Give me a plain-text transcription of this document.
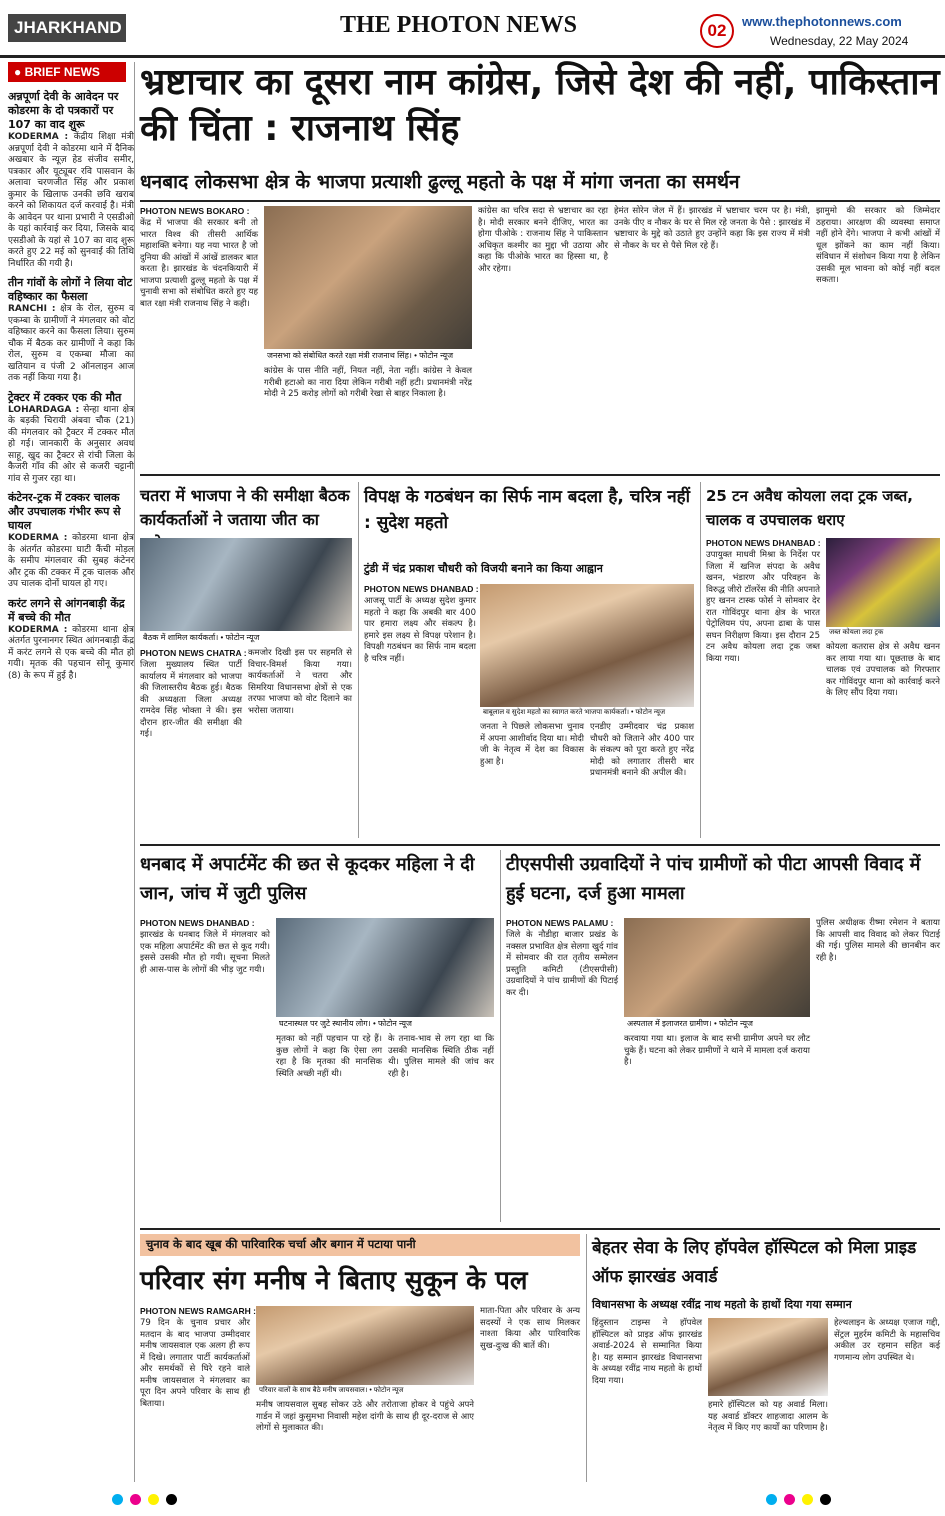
JHARKHAND	THE PHOTON NEWS	02	www.thephotonnews.com
Wednesday, 22 May 2024
● BRIEF NEWS
अन्नपूर्णा देवी के आवेदन पर कोडरमा के दो पत्रकारों पर 107 का वाद शुरू
KODERMA : केंद्रीय शिक्षा मंत्री अन्नपूर्णा देवी ने कोडरमा थाने में दैनिक अखबार के न्यूज़ हेड संजीव समीर, पत्रकार और यूट्यूबर रवि पासवान के अलावा चरणजीत सिंह और प्रकाश कुमार के खिलाफ उनकी छवि खराब करने को शिकायत दर्ज करवाई है। मंत्री के आवेदन पर थाना प्रभारी ने एसडीओ के यहां कार्रवाई कर दिया, जिसके बाद एसडीओ के यहां से 107 का वाद शुरू करते हुए 22 मई को सुनवाई की तिथि निर्धारित की गयी है।
तीन गांवों के लोगों ने लिया वोट वहिष्कार का फैसला
RANCHI : क्षेत्र के रोल, सुरुम व एकम्बा के ग्रामीणों ने मंगलवार को वोट वहिष्कार करने का फैसला लिया। सुरुम चौक में बैठक कर ग्रामीणों ने कहा कि रोल, सुरुम व एकम्बा मौजा का खतियान व पंजी 2 ऑनलाइन आज तक नहीं किया गया है।
ट्रेक्टर में टक्कर एक की मौत
LOHARDAGA : सेन्हा थाना क्षेत्र के बड़की चिरायी अंबवा चौक (21) की मंगलवार को ट्रैक्टर में टक्कर मौत हो गई। जानकारी के अनुसार अवध साहू, खुद का ट्रैक्टर से रांची जिला के कैजरी गाँव की ओर से कजरी चट्टानी गांव से गुजर रहा था।
कंटेनर-ट्रक में टक्कर चालक और उपचालक गंभीर रूप से घायल
KODERMA : कोडरमा थाना क्षेत्र के अंतर्गत कोडरमा घाटी कैंची मोड़ल के समीप मंगलवार की सुबह कंटेनर और ट्रक की टक्कर में ट्रक चालक और उप चालक दोनों घायल हो गए।
करंट लगने से आंगनबाड़ी केंद्र में बच्चे की मौत
KODERMA : कोडरमा थाना क्षेत्र अंतर्गत पुरनानगर स्थित आंगनबाड़ी केंद्र में करंट लगने से एक बच्चे की मौत हो गयी। मृतक की पहचान सोनू कुमार (8) के रूप में हुई है।
भ्रष्टाचार का दूसरा नाम कांग्रेस, जिसे देश की नहीं, पाकिस्तान की चिंता : राजनाथ सिंह
धनबाद लोकसभा क्षेत्र के भाजपा प्रत्याशी ढुल्लू महतो के पक्ष में मांगा जनता का समर्थन
PHOTON NEWS BOKARO :
केंद्र में भाजपा की सरकार बनी तो भारत विश्व की तीसरी आर्थिक महाशक्ति बनेगा। यह नया भारत है जो दुनिया की आंखों में आंखें डालकर बात करता है। झारखंड के चंदनकियारी में भाजपा प्रत्याशी ढुल्लू महतो के पक्ष में चुनावी सभा को संबोधित करते हुए यह बात रक्षा मंत्री राजनाथ सिंह ने कही।
जनसभा को संबोधित करते रक्षा मंत्री राजनाथ सिंह। • फोटोन न्यूज
कांग्रेस के पास नीति नहीं, नियत नहीं, नेता नहीं। कांग्रेस ने केवल गरीबी हटाओ का नारा दिया लेकिन गरीबी नहीं हटी। प्रधानमंत्री नरेंद्र मोदी ने 25 करोड़ लोगों को गरीबी रेखा से बाहर निकाला है।
कांग्रेस का चरित्र सदा से भ्रष्टाचार का रहा है। मोदी सरकार बनने दीजिए, भारत का होगा पीओके : राजनाथ सिंह ने पाकिस्तान अधिकृत कश्मीर का मुद्दा भी उठाया और कहा कि पीओके भारत का हिस्सा था, है और रहेगा।
हेमंत सोरेन जेल में हैं। झारखंड में भ्रष्टाचार चरम पर है। मंत्री, उनके पीए व नौकर के घर से मिल रहे जनता के पैसे : झारखंड में भ्रष्टाचार के मुद्दे को उठाते हुए उन्होंने कहा कि इस राज्य में मंत्री से नौकर के घर से पैसे मिल रहे हैं।
झामुमो की सरकार को जिम्मेदार ठहराया। आरक्षण की व्यवस्था समाप्त नहीं होने देंगे। भाजपा ने कभी आंखों में धूल झोंकने का काम नहीं किया। संविधान में संशोधन किया गया है लेकिन उसकी मूल भावना को कोई नहीं बदल सकता।
चतरा में भाजपा ने की समीक्षा बैठक कार्यकर्ताओं ने जताया जीत का
बैठक में शामिल कार्यकर्ता। • फोटोन न्यूज
PHOTON NEWS CHATRA :
जिला मुख्यालय स्थित पार्टी कार्यालय में मंगलवार को भाजपा की जिलास्तरीय बैठक हुई। बैठक की अध्यक्षता जिला अध्यक्ष रामदेव सिंह भोक्ता ने की। इस दौरान हार-जीत की समीक्षा की गई।
कमजोर दिखी इस पर सहमति से विचार-विमर्श किया गया। कार्यकर्ताओं ने चतरा और सिमरिया विधानसभा क्षेत्रों से एक तरफा भाजपा को वोट दिलाने का भरोसा जताया।
विपक्ष के गठबंधन का सिर्फ नाम बदला है, चरित्र नहीं : सुदेश महतो
टुंडी में चंद्र प्रकाश चौधरी को विजयी बनाने का किया आह्वान
PHOTON NEWS DHANBAD :
आजसू पार्टी के अध्यक्ष सुदेश कुमार महतो ने कहा कि अबकी बार 400 पार हमारा लक्ष्य और संकल्प है। हमारे इस लक्ष्य से विपक्ष परेशान है। विपक्षी गठबंधन का सिर्फ नाम बदला है चरित्र नहीं।
बाबूलाल व सुदेश महतो का स्वागत करते भाजपा कार्यकर्ता। • फोटोन न्यूज
जनता ने पिछले लोकसभा चुनाव में अपना आशीर्वाद दिया था। मोदी जी के नेतृत्व में देश का विकास हुआ है।
एनडीए उम्मीदवार चंद्र प्रकाश चौधरी को जिताने और 400 पार के संकल्प को पूरा करते हुए नरेंद्र मोदी को लगातार तीसरी बार प्रधानमंत्री बनाने की अपील की।
25 टन अवैध कोयला लदा ट्रक जब्त, चालक व उपचालक धराए
PHOTON NEWS DHANBAD :
उपायुक्त माधवी मिश्रा के निर्देश पर जिला में खनिज संपदा के अवैध खनन, भंडारण और परिवहन के विरुद्ध जीरो टॉलरेंस की नीति अपनाते हुए खनन टास्क फोर्स ने सोमवार देर रात गोविंदपुर थाना क्षेत्र के भारत पेट्रोलियम पंप, अपना ढाबा के पास सघन निरीक्षण किया। इस दौरान 25 टन अवैध कोयला लदा ट्रक जब्त किया गया।
जब्त कोयला लदा ट्रक
कोयला कतरास क्षेत्र से अवैध खनन कर लाया गया था। पूछताछ के बाद चालक एवं उपचालक को गिरफ्तार कर गोविंदपुर थाना को कार्रवाई करने के लिए सौंप दिया गया।
धनबाद में अपार्टमेंट की छत से कूदकर महिला ने दी जान, जांच में जुटी पुलिस
PHOTON NEWS DHANBAD :
झारखंड के धनबाद जिले में मंगलवार को एक महिला अपार्टमेंट की छत से कूद गयी। इससे उसकी मौत हो गयी। सूचना मिलते ही आस-पास के लोगों की भीड़ जुट गयी।
घटनास्थल पर जुटे स्थानीय लोग। • फोटोन न्यूज
मृतका को नहीं पहचान पा रहे हैं। कुछ लोगों ने कहा कि ऐसा लग रहा है कि मृतका की मानसिक स्थिति अच्छी नहीं थी।
के तनाव-भाव से लग रहा था कि उसकी मानसिक स्थिति ठीक नहीं थी। पुलिस मामले की जांच कर रही है।
टीएसपीसी उग्रवादियों ने पांच ग्रामीणों को पीटा आपसी विवाद में हुई घटना, दर्ज हुआ मामला
PHOTON NEWS PALAMU :
जिले के नौडीहा बाजार प्रखंड के नक्सल प्रभावित क्षेत्र सेलगा खुर्द गांव में सोमवार की रात तृतीय सम्मेलन प्रस्तुति कमिटी (टीएसपीसी) उग्रवादियों ने पांच ग्रामीणों की पिटाई कर दी।
अस्पताल में इलाजरत ग्रामीण। • फोटोन न्यूज
करवाया गया था। इलाज के बाद सभी ग्रामीण अपने घर लौट चुके हैं। घटना को लेकर ग्रामीणों ने थाने में मामला दर्ज कराया है।
पुलिस अधीक्षक रीष्मा रमेशन ने बताया कि आपसी वाद विवाद को लेकर पिटाई की गई। पुलिस मामले की छानबीन कर रही है।
चुनाव के बाद खूब की पारिवारिक चर्चा और बगान में पटाया पानी
परिवार संग मनीष ने बिताए सुकून के पल
PHOTON NEWS RAMGARH :
79 दिन के चुनाव प्रचार और मतदान के बाद भाजपा उम्मीदवार मनीष जायसवाल एक अलग ही रूप में दिखे। लगातार पार्टी कार्यकर्ताओं और समर्थकों से घिरे रहने वाले मनीष जायसवाल ने मंगलवार का पूरा दिन अपने परिवार के साथ ही बिताया।
परिवार वालों के साथ बैठे मनीष जायसवाल। • फोटोन न्यूज
मनीष जायसवाल सुबह सोकर उठे और तरोताजा होकर वे पहुंचे अपने गार्डन में जहां कुसुमभा निवासी महेश दांगी के साथ ही दूर-दराज से आए लोगों से मुलाकात की।
माता-पिता और परिवार के अन्य सदस्यों ने एक साथ मिलकर नाश्ता किया और पारिवारिक सुख-दुःख की बातें की।
बेहतर सेवा के लिए हॉपवेल हॉस्पिटल को मिला प्राइड ऑफ झारखंड अवार्ड
विधानसभा के अध्यक्ष रवींद्र नाथ महतो के हाथों दिया गया सम्मान
हिंदुस्तान टाइम्स ने हॉपवेल हॉस्पिटल को प्राइड ऑफ झारखंड अवार्ड-2024 से सम्मानित किया है। यह सम्मान झारखंड विधानसभा के अध्यक्ष रवींद्र नाथ महतो के हाथों दिया गया।
हमारे हॉस्पिटल को यह अवार्ड मिला। यह अवार्ड डॉक्टर शाहजादा आलम के नेतृत्व में किए गए कार्यों का परिणाम है।
हेल्थलाइन के अध्यक्ष एजाज गद्दी, सेंट्रल मुहर्रम कमिटी के महासचिव अकील उर रहमान सहित कई गणमान्य लोग उपस्थित थे।
